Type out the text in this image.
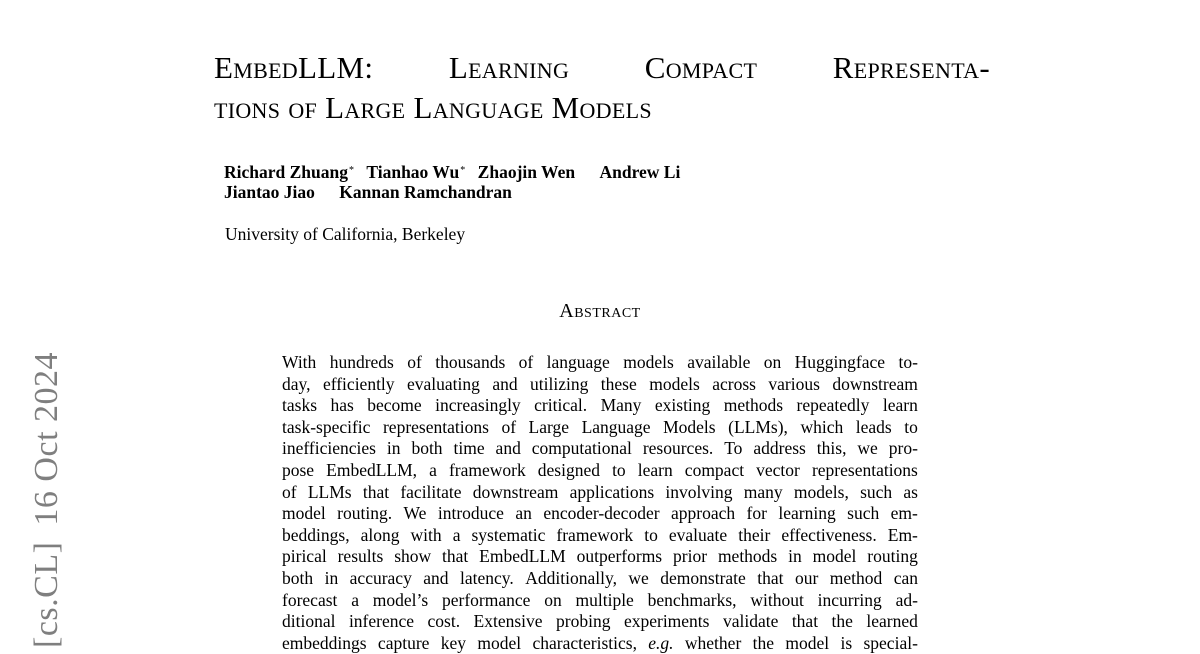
[cs.CL]16 Oct 2024
EmbedLLM: Learning Compact Representa-
tions of Large Language Models
Richard Zhuang* Tianhao Wu* Zhaojin Wen Andrew Li
Jiantao Jiao Kannan Ramchandran
University of California, Berkeley
Abstract
With hundreds of thousands of language models available on Huggingface to-
day, efficiently evaluating and utilizing these models across various downstream
tasks has become increasingly critical. Many existing methods repeatedly learn
task-specific representations of Large Language Models (LLMs), which leads to
inefficiencies in both time and computational resources. To address this, we pro-
pose EmbedLLM, a framework designed to learn compact vector representations
of LLMs that facilitate downstream applications involving many models, such as
model routing. We introduce an encoder-decoder approach for learning such em-
beddings, along with a systematic framework to evaluate their effectiveness. Em-
pirical results show that EmbedLLM outperforms prior methods in model routing
both in accuracy and latency. Additionally, we demonstrate that our method can
forecast a model’s performance on multiple benchmarks, without incurring ad-
ditional inference cost. Extensive probing experiments validate that the learned
embeddings capture key model characteristics, e.g. whether the model is special-
